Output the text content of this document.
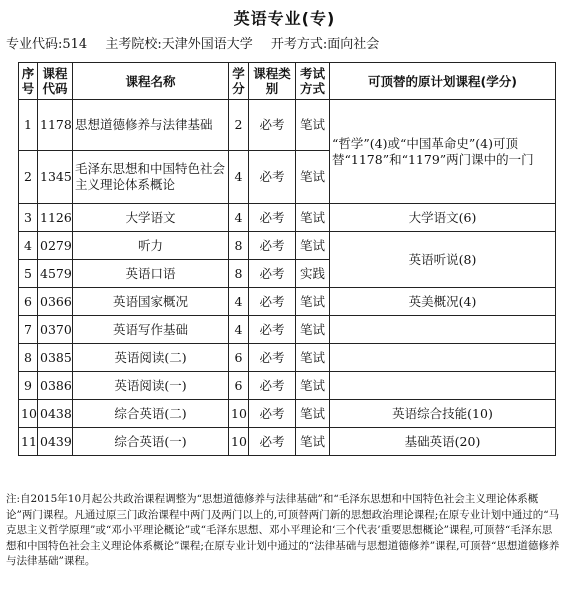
英语专业(专)
专业代码:514 主考院校:天津外国语大学 开考方式:面向社会
序号	课程代码	课程名称	学分	课程类别	考试方式	可顶替的原计划课程(学分)
1	1178	思想道德修养与法律基础	2	必考	笔试	“哲学”(4)或“中国革命史”(4)可顶替“1178”和“1179”两门课中的一门
2	1345	毛泽东思想和中国特色社会主义理论体系概论	4	必考	笔试	
3	1126	大学语文	4	必考	笔试	大学语文(6)
4	0279	听力	8	必考	笔试	英语听说(8)
5	4579	英语口语	8	必考	实践	
6	0366	英语国家概况	4	必考	笔试	英美概况(4)
7	0370	英语写作基础	4	必考	笔试	
8	0385	英语阅读(二)	6	必考	笔试	
9	0386	英语阅读(一)	6	必考	笔试	
10	0438	综合英语(二)	10	必考	笔试	英语综合技能(10)
11	0439	综合英语(一)	10	必考	笔试	基础英语(20)
注:自2015年10月起公共政治课程调整为“思想道德修养与法律基础”和“毛泽东思想和中国特色社会主义理论体系概论”两门课程。凡通过原三门政治课程中两门及两门以上的,可顶替两门新的思想政治理论课程;在原专业计划中通过的“马克思主义哲学原理”或“邓小平理论概论”或“毛泽东思想、邓小平理论和‘三个代表’重要思想概论”课程,可顶替“毛泽东思想和中国特色社会主义理论体系概论”课程;在原专业计划中通过的“法律基础与思想道德修养”课程,可顶替“思想道德修养与法律基础”课程。
